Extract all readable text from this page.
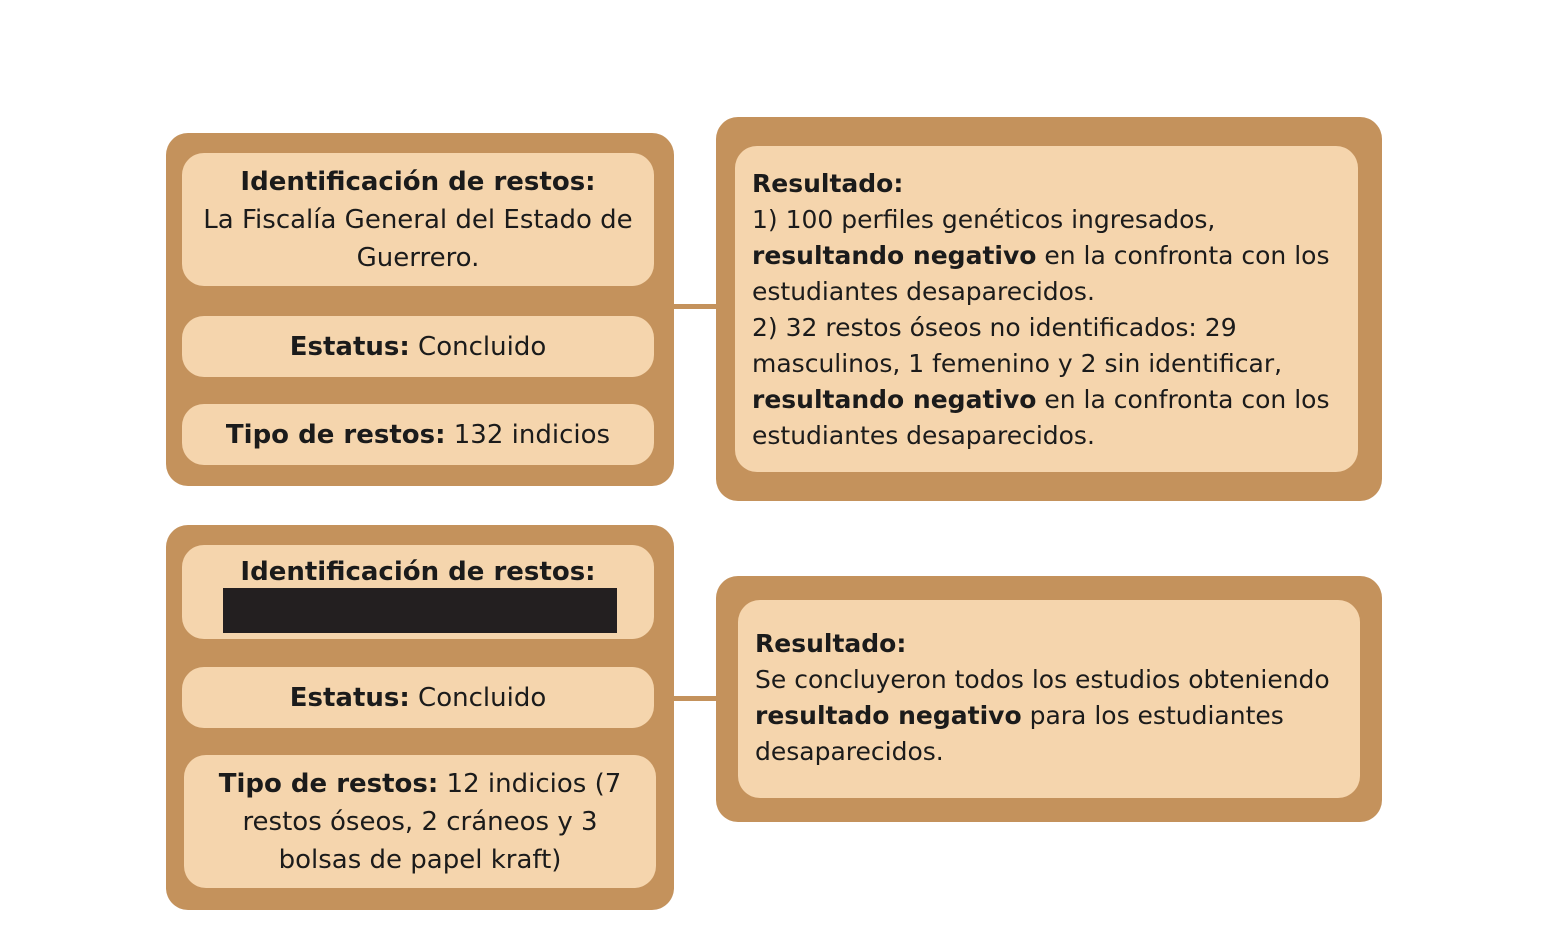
Identificación de restos:
La Fiscalía General del Estado de Guerrero.
Estatus: Concluido
Tipo de restos: 132 indicios
Resultado:
1) 100 perfiles genéticos ingresados,
resultando negativo en la confronta con los estudiantes desaparecidos.
2) 32 restos óseos no identificados: 29 masculinos, 1 femenino y 2 sin identificar,
resultando negativo en la confronta con los estudiantes desaparecidos.
Identificación de restos:
Estatus: Concluido
Tipo de restos: 12 indicios (7 restos óseos, 2 cráneos y 3 bolsas de papel kraft)
Resultado:
Se concluyeron todos los estudios obteniendo resultado negativo para los estudiantes desaparecidos.
